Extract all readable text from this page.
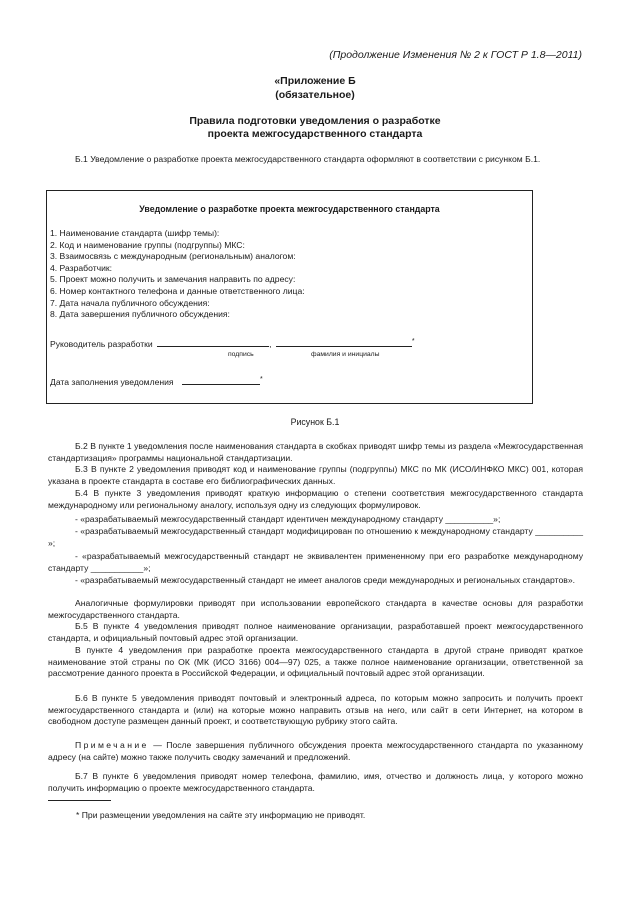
(Продолжение Изменения № 2 к ГОСТ Р 1.8—2011)
«Приложение Б
(обязательное)
Правила подготовки уведомления о разработке
проекта межгосударственного стандарта
Б.1 Уведомление о разработке проекта межгосударственного стандарта оформляют в соответствии с рисунком Б.1.
Уведомление о разработке проекта межгосударственного стандарта
1. Наименование стандарта (шифр темы):
2. Код и наименование группы (подгруппы) МКС:
3. Взаимосвязь с международным (региональным) аналогом:
4. Разработчик:
5. Проект можно получить и замечания направить по адресу:
6. Номер контактного телефона и данные ответственного лица:
7. Дата начала публичного обсуждения:
8. Дата завершения публичного обсуждения:
Руководитель разработки	,	*
подпись	фамилия и инициалы
Дата заполнения уведомления	*
Рисунок Б.1
Б.2 В пункте 1 уведомления после наименования стандарта в скобках приводят шифр темы из раздела «Межгосударственная стандартизация» программы национальной стандартизации.
Б.3 В пункте 2 уведомления приводят код и наименование группы (подгруппы) МКС по МК (ИСО/ИНФКО МКС) 001, которая указана в проекте стандарта в составе его библиографических данных.
Б.4 В пункте 3 уведомления приводят краткую информацию о степени соответствия межгосударственного стандарта международному или региональному аналогу, используя одну из следующих формулировок.
- «разрабатываемый межгосударственный стандарт идентичен международному стандарту __________»;
- «разрабатываемый межгосударственный стандарт модифицирован по отношению к международному стандарту __________ »;
- «разрабатываемый межгосударственный стандарт не эквивалентен примененному при его разработке международному стандарту ___________»;
- «разрабатываемый межгосударственный стандарт не имеет аналогов среди международных и региональных стандартов».
Аналогичные формулировки приводят при использовании европейского стандарта в качестве основы для разработки межгосударственного стандарта.
Б.5 В пункте 4 уведомления приводят полное наименование организации, разработавшей проект межгосударственного стандарта, и официальный почтовый адрес этой организации.
В пункте 4 уведомления при разработке проекта межгосударственного стандарта в другой стране приводят краткое наименование этой страны по ОК (МК (ИСО 3166) 004—97) 025, а также полное наименование организации, ответственной за рассмотрение данного проекта в Российской Федерации, и официальный почтовый адрес этой организации.
Б.6 В пункте 5 уведомления приводят почтовый и электронный адреса, по которым можно запросить и получить проект межгосударственного стандарта и (или) на которые можно направить отзыв на него, или сайт в сети Интернет, на котором в свободном доступе размещен данный проект, и соответствующую рубрику этого сайта.
Примечание — После завершения публичного обсуждения проекта межгосударственного стандарта по указанному адресу (на сайте) можно также получить сводку замечаний и предложений.
Б.7 В пункте 6 уведомления приводят номер телефона, фамилию, имя, отчество и должность лица, у которого можно получить информацию о проекте межгосударственного стандарта.
* При размещении уведомления на сайте эту информацию не приводят.
